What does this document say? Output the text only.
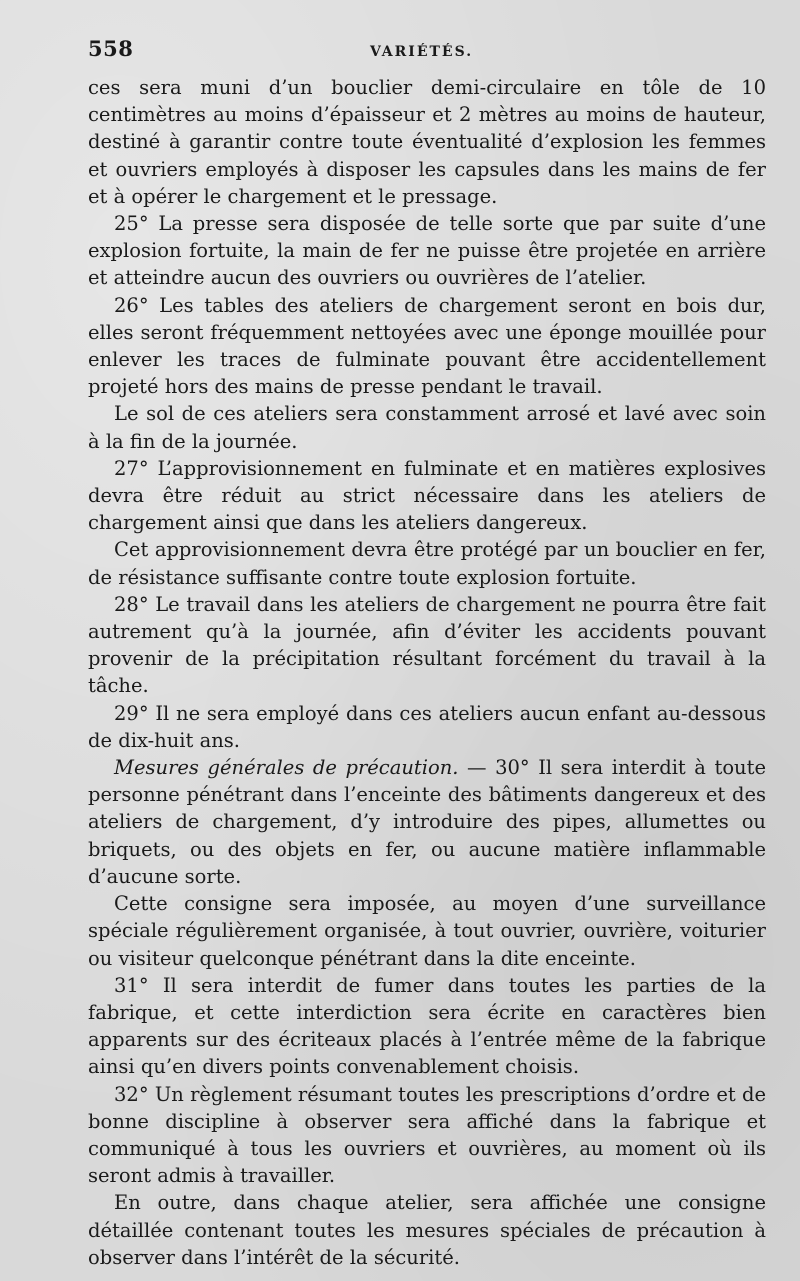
558	VARIÉTÉS.

ces sera muni d’un bouclier demi-circulaire en tôle de 10 centimètres au moins d’épaisseur et 2 mètres au moins de hauteur, destiné à garantir contre toute éventualité d’explosion les femmes et ouvriers employés à disposer les capsules dans les mains de fer et à opérer le chargement et le pressage.

25° La presse sera disposée de telle sorte que par suite d’une explosion fortuite, la main de fer ne puisse être projetée en arrière et atteindre aucun des ouvriers ou ouvrières de l’atelier.

26° Les tables des ateliers de chargement seront en bois dur, elles seront fréquemment nettoyées avec une éponge mouillée pour enlever les traces de fulminate pouvant être accidentellement projeté hors des mains de presse pendant le travail.

Le sol de ces ateliers sera constamment arrosé et lavé avec soin à la fin de la journée.

27° L’approvisionnement en fulminate et en matières explosives devra être réduit au strict nécessaire dans les ateliers de chargement ainsi que dans les ateliers dangereux.

Cet approvisionnement devra être protégé par un bouclier en fer, de résistance suffisante contre toute explosion fortuite.

28° Le travail dans les ateliers de chargement ne pourra être fait autrement qu’à la journée, afin d’éviter les accidents pouvant provenir de la précipitation résultant forcément du travail à la tâche.

29° Il ne sera employé dans ces ateliers aucun enfant au-dessous de dix-huit ans.

Mesures générales de précaution. — 30° Il sera interdit à toute personne pénétrant dans l’enceinte des bâtiments dangereux et des ateliers de chargement, d’y introduire des pipes, allumettes ou briquets, ou des objets en fer, ou aucune matière inflammable d’aucune sorte.

Cette consigne sera imposée, au moyen d’une surveillance spéciale régulièrement organisée, à tout ouvrier, ouvrière, voiturier ou visiteur quelconque pénétrant dans la dite enceinte.

31° Il sera interdit de fumer dans toutes les parties de la fabrique, et cette interdiction sera écrite en caractères bien apparents sur des écriteaux placés à l’entrée même de la fabrique ainsi qu’en divers points convenablement choisis.

32° Un règlement résumant toutes les prescriptions d’ordre et de bonne discipline à observer sera affiché dans la fabrique et communiqué à tous les ouvriers et ouvrières, au moment où ils seront admis à travailler.

En outre, dans chaque atelier, sera affichée une consigne détaillée contenant toutes les mesures spéciales de précaution à observer dans l’intérêt de la sécurité.
